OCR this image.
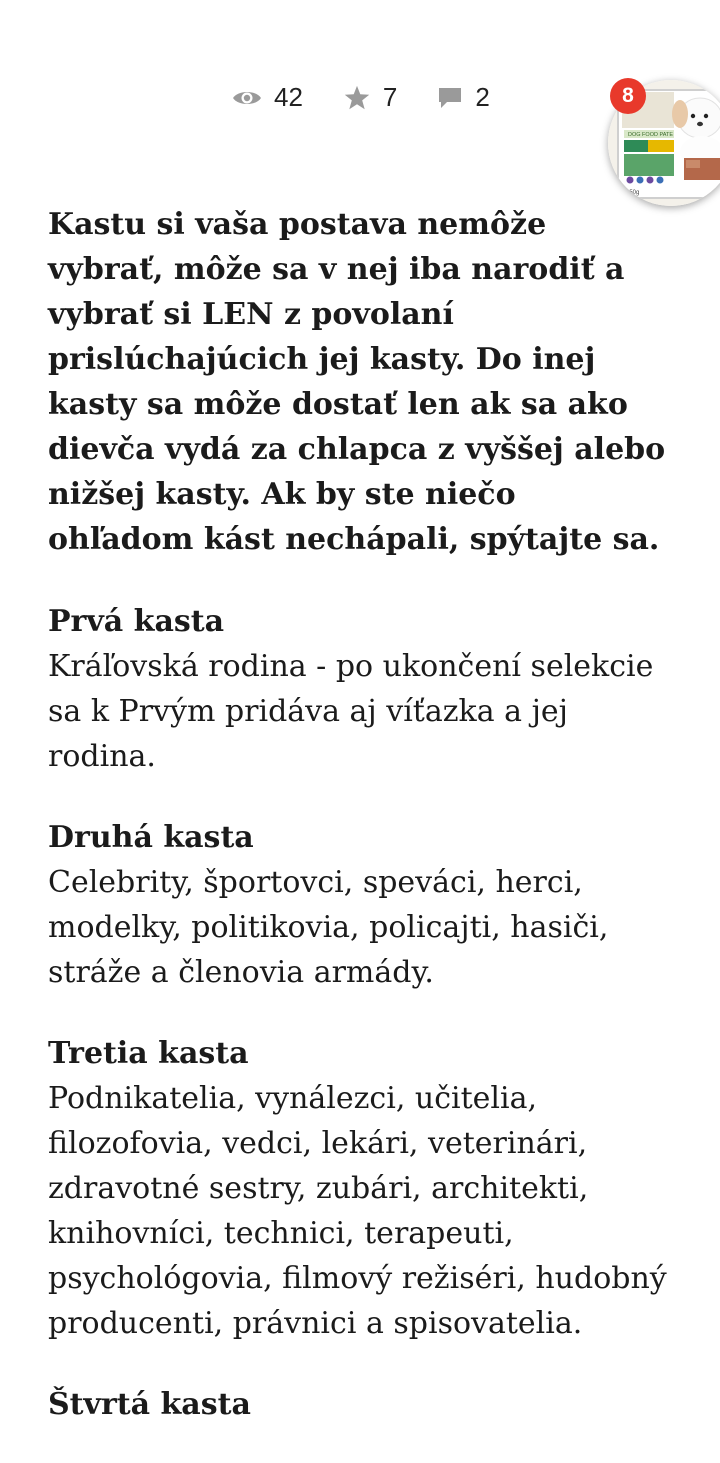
42	7	2
DOG FOOD PATE
150g
8

Kastu si vaša postava nemôže vybrať, môže sa v nej iba narodiť a vybrať si LEN z povolaní prislúchajúcich jej kasty. Do inej kasty sa môže dostať len ak sa ako dievča vydá za chlapca z vyššej alebo nižšej kasty. Ak by ste niečo ohľadom kást nechápali, spýtajte sa.

Prvá kasta

Kráľovská rodina - po ukončení selekcie sa k Prvým pridáva aj víťazka a jej rodina.

Druhá kasta

Celebrity, športovci, speváci, herci, modelky, politikovia, policajti, hasiči, stráže a členovia armády.

Tretia kasta

Podnikatelia, vynálezci, učitelia, filozofovia, vedci, lekári, veterinári, zdravotné sestry, zubári, architekti, knihovníci, technici, terapeuti, psychológovia, filmový režiséri, hudobný producenti, právnici a spisovatelia.

Štvrtá kasta
